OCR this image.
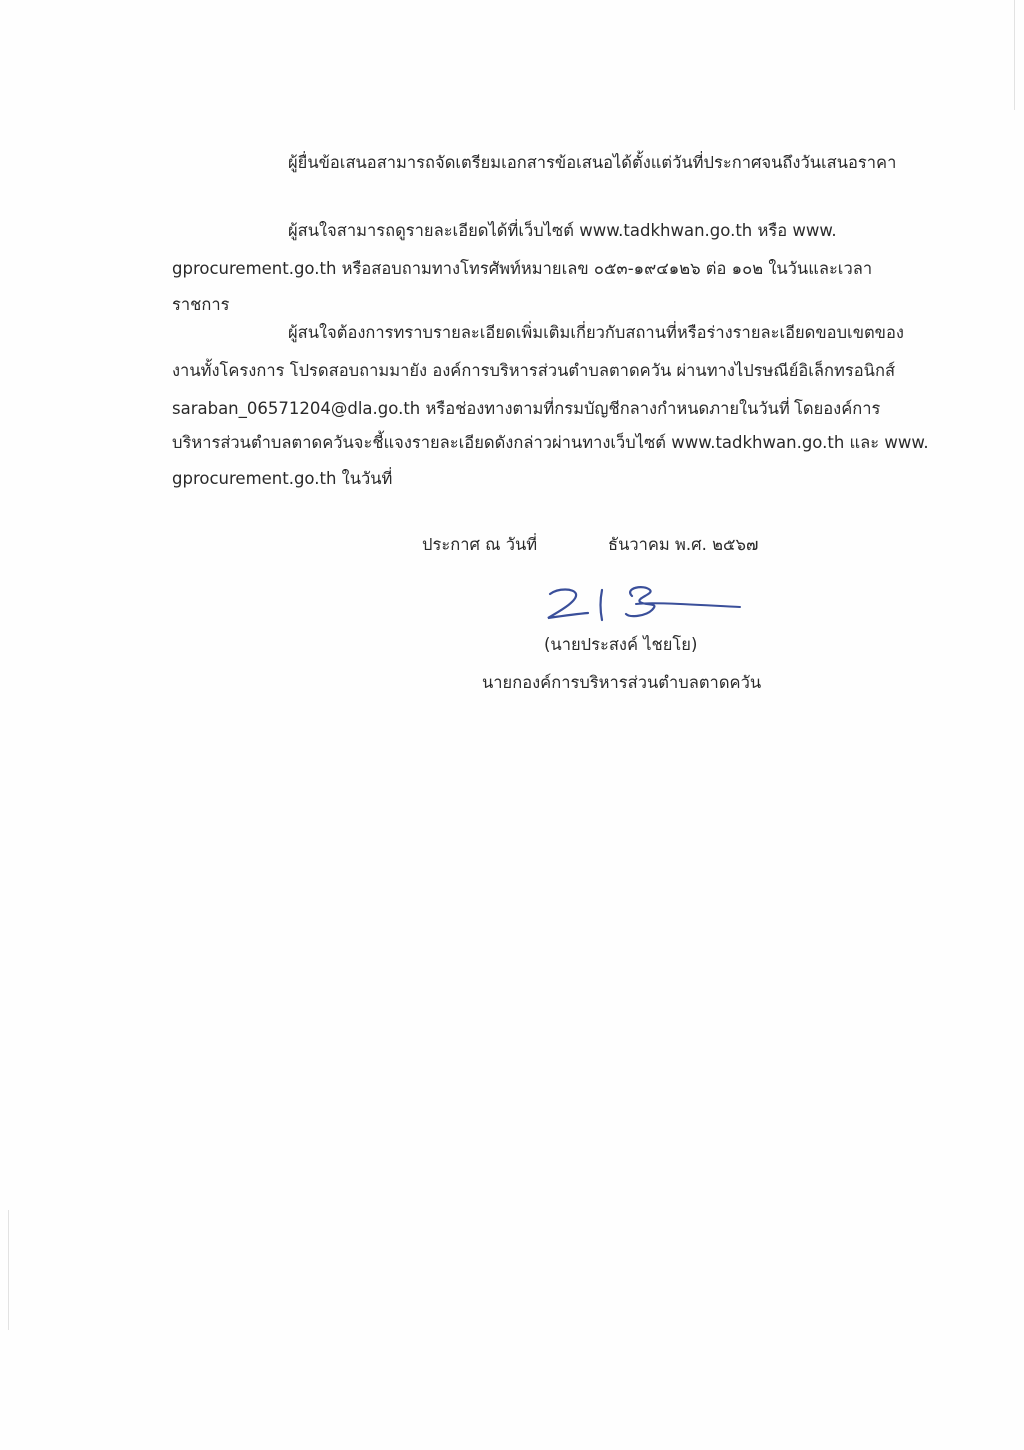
ผู้ยื่นข้อเสนอสามารถจัดเตรียมเอกสารข้อเสนอได้ตั้งแต่วันที่ประกาศจนถึงวันเสนอราคา
ผู้สนใจสามารถดูรายละเอียดได้ที่เว็บไซต์ www.tadkhwan.go.th หรือ www.
gprocurement.go.th หรือสอบถามทางโทรศัพท์หมายเลข ๐๕๓-๑๙๔๑๒๖ ต่อ ๑๐๒ ในวันและเวลา
ราชการ
ผู้สนใจต้องการทราบรายละเอียดเพิ่มเติมเกี่ยวกับสถานที่หรือร่างรายละเอียดขอบเขตของ
งานทั้งโครงการ โปรดสอบถามมายัง องค์การบริหารส่วนตำบลตาดควัน ผ่านทางไปรษณีย์อิเล็กทรอนิกส์
saraban_06571204@dla.go.th หรือช่องทางตามที่กรมบัญชีกลางกำหนดภายในวันที่ โดยองค์การ
บริหารส่วนตำบลตาดควันจะชี้แจงรายละเอียดดังกล่าวผ่านทางเว็บไซต์ www.tadkhwan.go.th และ www.
gprocurement.go.th ในวันที่
ประกาศ ณ วันที่	ธันวาคม พ.ศ. ๒๕๖๗
(นายประสงค์ ไชยโย)
นายกองค์การบริหารส่วนตำบลตาดควัน
